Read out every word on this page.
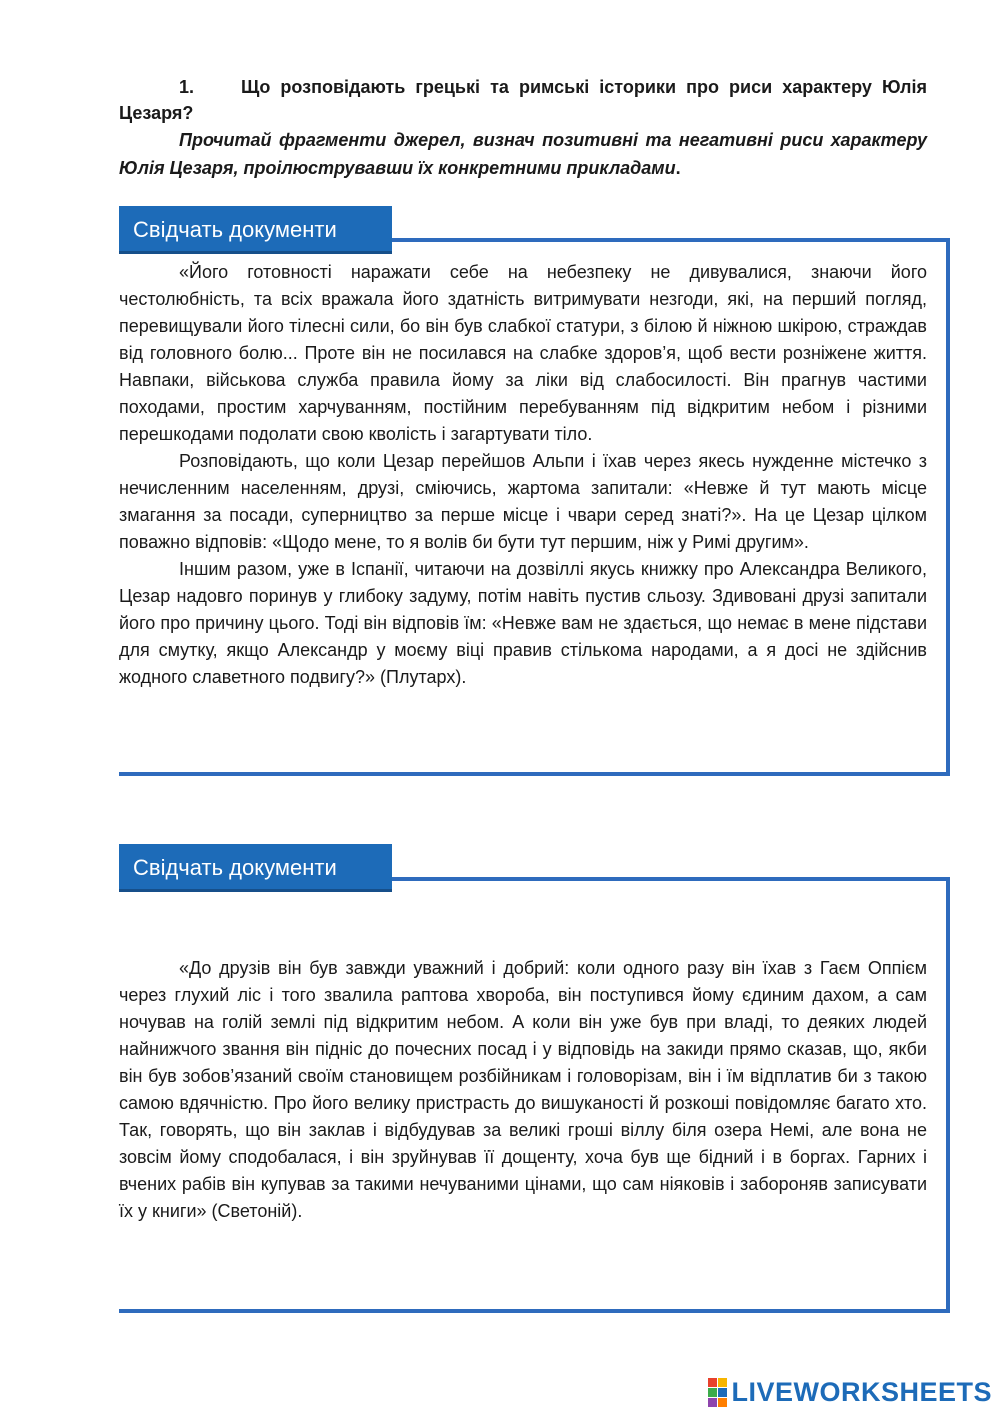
1.	Що розповідають грецькі та римські історики про риси характеру Юлія Цезаря?
Прочитай фрагменти джерел, визнач позитивні та негативні риси характеру Юлія Цезаря, проілюструвавши їх конкретними прикладами.
Свідчать документи

«Його готовності наражати себе на небезпеку не дивувалися, знаючи його честолюбність, та всіх вражала його здатність витримувати незгоди, які, на перший погляд, перевищували його тілесні сили, бо він був слабкої статури, з білою й ніжною шкірою, страждав від головного болю... Проте він не посилався на слабке здоров’я, щоб вести розніжене життя. Навпаки, військова служба правила йому за ліки від слабосилості. Він прагнув частими походами, простим харчуванням, постійним перебуванням під відкритим небом і різними перешкодами подолати свою кволість і загартувати тіло.

Розповідають, що коли Цезар перейшов Альпи і їхав через якесь нужденне містечко з нечисленним населенням, друзі, сміючись, жартома запитали: «Невже й тут мають місце змагання за посади, суперництво за перше місце і чвари серед знаті?». На це Цезар цілком поважно відповів: «Щодо мене, то я волів би бути тут першим, ніж у Римі другим».

Іншим разом, уже в Іспанії, читаючи на дозвіллі якусь книжку про Александра Великого, Цезар надовго поринув у глибоку задуму, потім навіть пустив сльозу. Здивовані друзі запитали його про причину цього. Тоді він відповів їм: «Невже вам не здається, що немає в мене підстави для смутку, якщо Александр у моєму віці правив стількома народами, а я досі не здійснив жодного славетного подвигу?» (Плутарх).

Свідчать документи

«До друзів він був завжди уважний і добрий: коли одного разу він їхав з Гаєм Оппієм через глухий ліс і того звалила раптова хвороба, він поступився йому єдиним дахом, а сам ночував на голій землі під відкритим небом. А коли він уже був при владі, то деяких людей найнижчого звання він підніс до почесних посад і у відповідь на закиди прямо сказав, що, якби він був зобов’язаний своїм становищем розбійникам і головорізам, він і їм відплатив би з такою самою вдячністю. Про його велику пристрасть до вишуканості й розкоші повідомляє багато хто. Так, говорять, що він заклав і відбудував за великі гроші віллу біля озера Немі, але вона не зовсім йому сподобалася, і він зруйнував її дощенту, хоча був ще бідний і в боргах. Гарних і вчених рабів він купував за такими нечуваними цінами, що сам ніяковів і забороняв записувати їх у книги» (Светоній).

LIVEWORKSHEETS
